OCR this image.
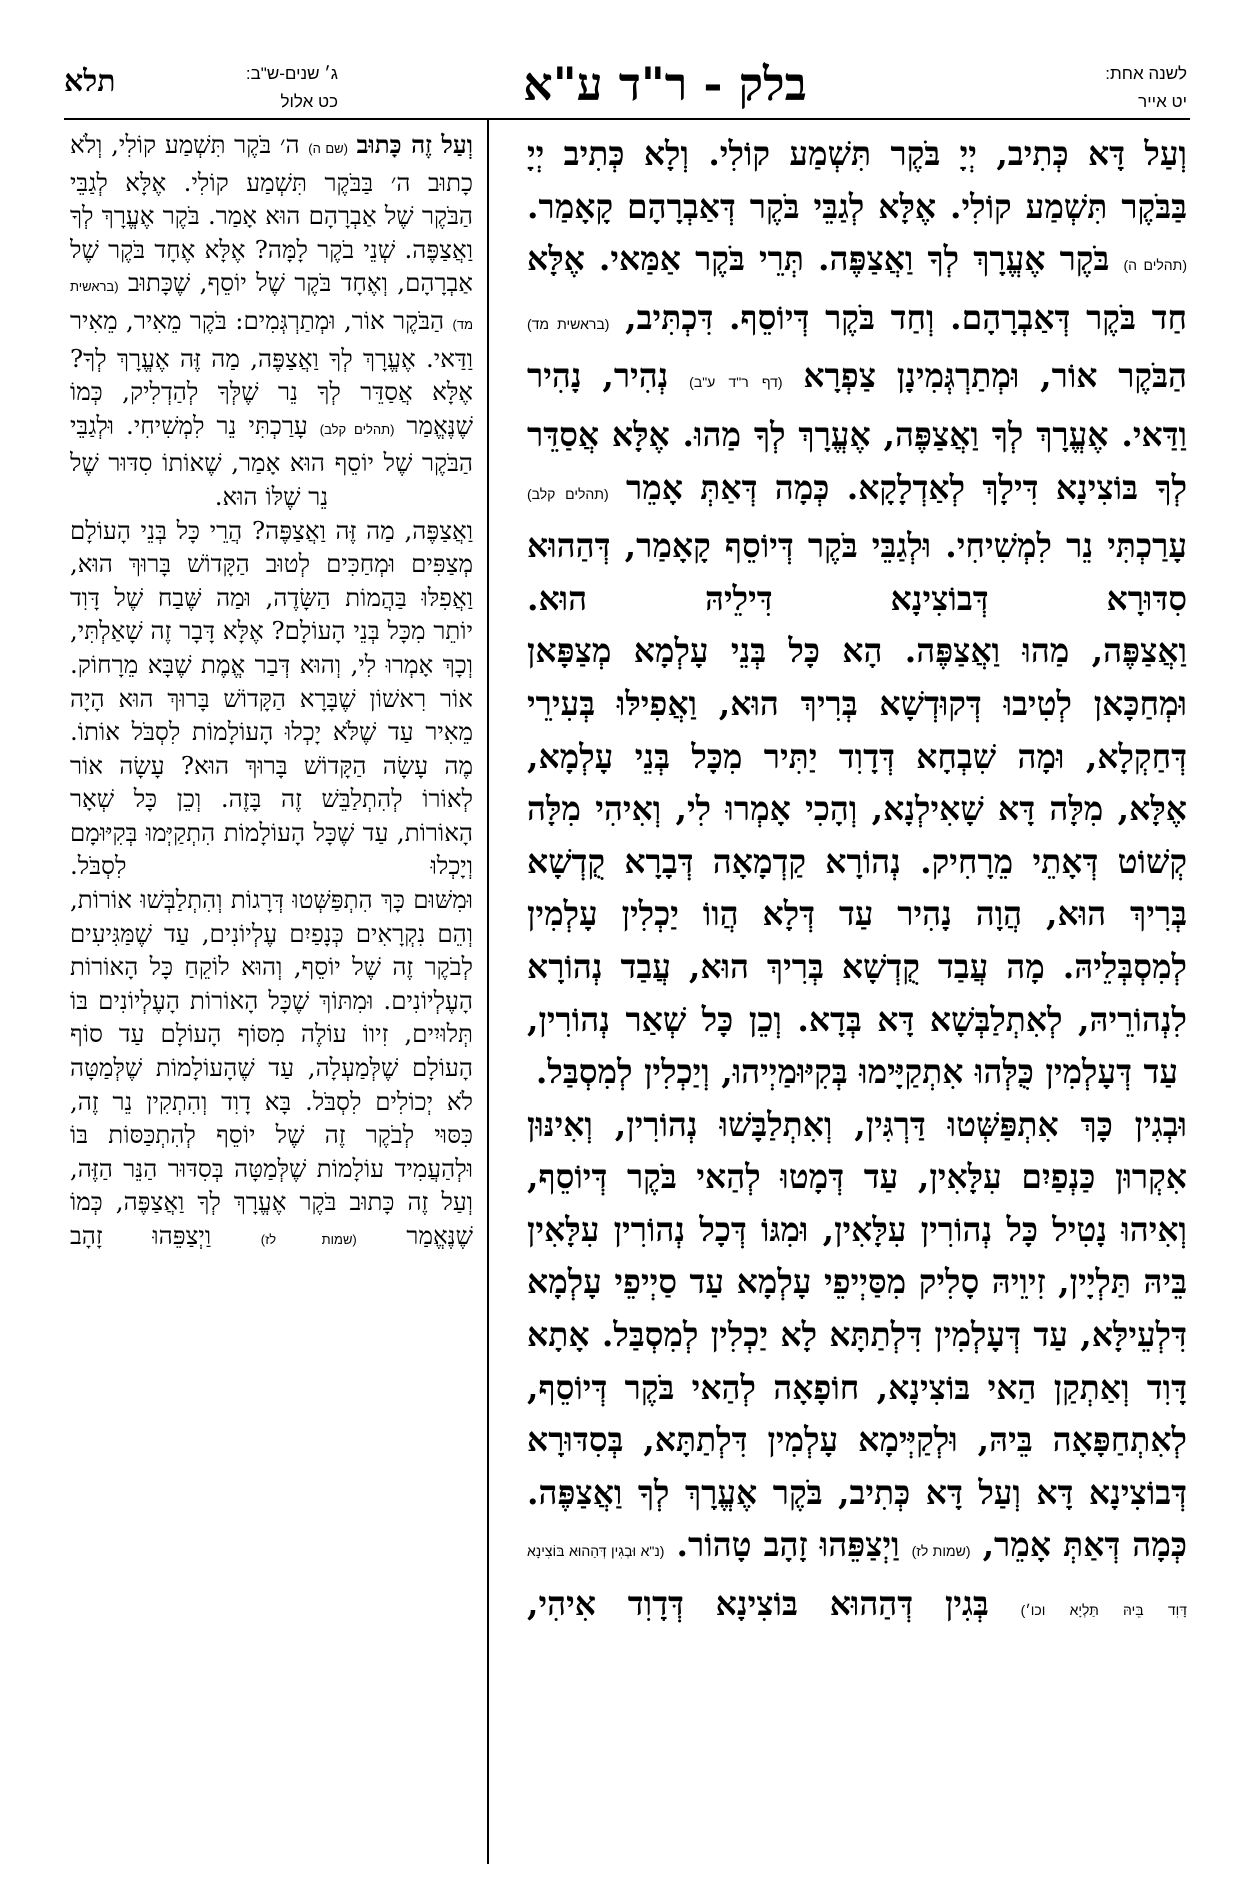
לשנה אחת:
יט אייר
בלק - ר"ד ע"א
ג׳ שנים-ש"ב:
כט אלול
תלא

וְעַל דָּא כְּתִיב, יְיָ בֹּקֶר תִּשְׁמַע קוֹלִי. וְלָא כְּתִיב יְיָ בַּבֹּקֶר תִּשְׁמַע קוֹלִי. אֶלָּא לְגַבֵּי בֹּקֶר דְּאַבְרָהָם קָאָמַר. (תהלים ה) בֹּקֶר אֶעֱרָךְ לְךָ וַאֲצַפֶּה. תְּרֵי בֹּקֶר אַמַּאי. אֶלָּא חַד בֹּקֶר דְּאַבְרָהָם. וְחַד בֹּקֶר דְּיוֹסֵף. דִּכְתִּיב, (בראשית מד) הַבֹּקֶר אוֹר, וּמְתַרְגְּמִינָן צַפְרָא (דף ר"ד ע"ב) נְהִיר, נָהִיר וַדַּאי. אֶעֱרָךְ לְךָ וַאֲצַפֶּה, אֶעֱרָךְ לְךָ מַהוּ. אֶלָּא אֲסַדֵּר לְךָ בּוֹצִינָא דִּילָךְ לְאַדְלָקָא. כְּמָה דְּאַתְּ אָמֵר (תהלים קלב) עָרַכְתִּי נֵר לִמְשִׁיחִי. וּלְגַבֵּי בֹּקֶר דְּיוֹסֵף קָאָמַר, דְּהַהוּא סִדּוּרָא דְּבוֹצִינָא דִּילֵיהּ הוּא.

וַאֲצַפֶּה, מַהוּ וַאֲצַפֶּה. הָא כָּל בְּנֵי עָלְמָא מְצַפָּאן וּמְחַכָּאן לְטִיבוּ דְּקוּדְשָׁא בְּרִיךְ הוּא, וַאֲפִילּוּ בְּעִירֵי דְּחַקְלָא, וּמָה שִׁבְחָא דְּדָוִד יַתִּיר מִכָּל בְּנֵי עָלְמָא, אֶלָּא, מִלָּה דָּא שָׁאִילְנָא, וְהָכִי אָמְרוּ לִי, וְאִיהִי מִלָּה קְשׁוֹט דְּאָתֵי מֵרָחִיק. נְהוֹרָא קַדְמָאָה דְּבָרָא קֻדְשָׁא בְּרִיךְ הוּא, הֲוָה נָהִיר עַד דְּלָא הֲווֹ יַכְלִין עָלְמִין לְמִסְבְּלֵיהּ. מָה עֲבַד קֻדְשָׁא בְּרִיךְ הוּא, עֲבַד נְהוֹרָא לִנְהוֹרֵיהּ, לְאִתְלַבְּשָׁא דָּא בְּדָא. וְכֵן כָּל שְׁאַר נְהוֹרִין, עַד דְּעָלְמִין כֻּלְּהוּ אִתְקַיָּימוּ בְּקִיּוּמַיְיהוּ, וְיַכְלִין לְמִסְבַּל.

וּבְגִין כָּךְ אִתְפַּשְּׁטוּ דַּרְגִּין, וְאִתְלַבָּשׁוּ נְהוֹרִין, וְאִינּוּן אִקְרוּן כַּנְפַיִם עִלָּאִין, עַד דְּמָטוּ לְהַאי בֹּקֶר דְּיוֹסֵף, וְאִיהוּ נָטִיל כָּל נְהוֹרִין עִלָּאִין, וּמִגּוֹ דְּכָל נְהוֹרִין עִלָּאִין בֵּיהּ תַּלְיָין, זִיוֵיהּ סָלִיק מִסַּיְיפֵי עָלְמָא עַד סַיְיפֵי עָלְמָא דִּלְעֵילָּא, עַד דְּעָלְמִין דִּלְתַתָּא לָא יַכְלִין לְמִסְבַּל. אָתָא דָּוִד וְאַתְקַן הַאי בּוֹצִינָא, חוֹפָאָה לְהַאי בֹּקֶר דְּיוֹסֵף, לְאִתְחַפָּאָה בֵּיהּ, וּלְקַיְּימָא עָלְמִין דִּלְתַתָּא, בְּסִדּוּרָא דְּבוֹצִינָא דָּא וְעַל דָּא כְּתִיב, בֹּקֶר אֶעֱרָךְ לְךָ וַאֲצַפֶּה. כְּמָה דְּאַתְּ אָמֵר, (שמות לז) וַיְצַפֵּהוּ זָהָב טָהוֹר. (נ"א וּבְגִין דְּהַהוּא בּוֹצִינָא דָּוִד בֵּיהּ תַּלְיָא וכו׳) בְּגִין דְּהַהוּא בּוֹצִינָא דְּדָוִד אִיהִי,

וְעַל זֶה כָּתוּב (שם ה) ה׳ בֹּקֶר תִּשְׁמַע קוֹלִי, וְלֹא כָתוּב ה׳ בַּבֹּקֶר תִּשְׁמַע קוֹלִי. אֶלָּא לְגַבֵּי הַבֹּקֶר שֶׁל אַבְרָהָם הוּא אָמַר. בֹּקֶר אֶעֱרָךְ לְךָ וַאֲצַפֶּה. שְׁנֵי בֹקֶר לָמָּה? אֶלָּא אֶחָד בֹּקֶר שֶׁל אַבְרָהָם, וְאֶחָד בֹּקֶר שֶׁל יוֹסֵף, שֶׁכָּתוּב (בראשית מד) הַבֹּקֶר אוֹר, וּמְתַרְגְּמִים: בֹּקֶר מֵאִיר, מֵאִיר וַדַּאי. אֶעֱרָךְ לְךָ וַאֲצַפֶּה, מַה זֶּה אֶעֱרָךְ לְךָ? אֶלָּא אֲסַדֵּר לְךָ נֵר שֶׁלְּךָ לְהַדְלִיק, כְּמוֹ שֶׁנֶּאֱמַר (תהלים קלב) עָרַכְתִּי נֵר לִמְשִׁיחִי. וּלְגַבֵּי הַבֹּקֶר שֶׁל יוֹסֵף הוּא אָמַר, שֶׁאוֹתוֹ סִדּוּר שֶׁל נֵר שֶׁלּוֹ הוּא.

וַאֲצַפֶּה, מַה זֶּה וַאֲצַפֶּה? הֲרֵי כָּל בְּנֵי הָעוֹלָם מְצַפִּים וּמְחַכִּים לְטוּב הַקָּדוֹשׁ בָּרוּךְ הוּא, וַאֲפִלּוּ בַּהֲמוֹת הַשָּׂדֶה, וּמַה שֶּׁבַח שֶׁל דָּוִד יוֹתֵר מִכָּל בְּנֵי הָעוֹלָם? אֶלָּא דָּבָר זֶה שָׁאַלְתִּי, וְכָךְ אָמְרוּ לִי, וְהוּא דְּבַר אֱמֶת שֶׁבָּא מֵרָחוֹק. אוֹר רִאשׁוֹן שֶׁבָּרָא הַקָּדוֹשׁ בָּרוּךְ הוּא הָיָה מֵאִיר עַד שֶׁלֹּא יָכְלוּ הָעוֹלָמוֹת לִסְבֹּל אוֹתוֹ. מֶה עָשָׂה הַקָּדוֹשׁ בָּרוּךְ הוּא? עָשָׂה אוֹר לְאוֹרוֹ לְהִתְלַבֵּשׁ זֶה בָּזֶה. וְכֵן כָּל שְׁאָר הָאוֹרוֹת, עַד שֶׁכָּל הָעוֹלָמוֹת הִתְקַיְּמוּ בְּקִיּוּמָם וְיָכְלוּ לִסְבֹּל.

וּמִשּׁוּם כָּךְ הִתְפַּשְּׁטוּ דְּרָגוֹת וְהִתְלַבְּשׁוּ אוֹרוֹת, וְהֵם נִקְרָאִים כְּנָפַיִם עֶלְיוֹנִים, עַד שֶׁמַּגִּיעִים לְבֹקֶר זֶה שֶׁל יוֹסֵף, וְהוּא לוֹקֵחַ כָּל הָאוֹרוֹת הָעֶלְיוֹנִים. וּמִתּוֹךְ שֶׁכָּל הָאוֹרוֹת הָעֶלְיוֹנִים בּוֹ תְּלוּיִים, זִיווֹ עוֹלֶה מִסּוֹף הָעוֹלָם עַד סוֹף הָעוֹלָם שֶׁלְּמַעְלָה, עַד שֶׁהָעוֹלָמוֹת שֶׁלְּמַטָּה לֹא יְכוֹלִים לִסְבֹּל. בָּא דָוִד וְהִתְקִין נֵר זֶה, כִּסּוּי לְבֹקֶר זֶה שֶׁל יוֹסֵף לְהִתְכַּסּוֹת בּוֹ וּלְהַעֲמִיד עוֹלָמוֹת שֶׁלְּמַטָּה בְּסִדּוּר הַנֵּר הַזֶּה, וְעַל זֶה כָּתוּב בֹּקֶר אֶעֱרָךְ לְךָ וַאֲצַפֶּה, כְּמוֹ שֶׁנֶּאֱמַר (שמות לז) וַיְצַפֵּהוּ זָהָב
